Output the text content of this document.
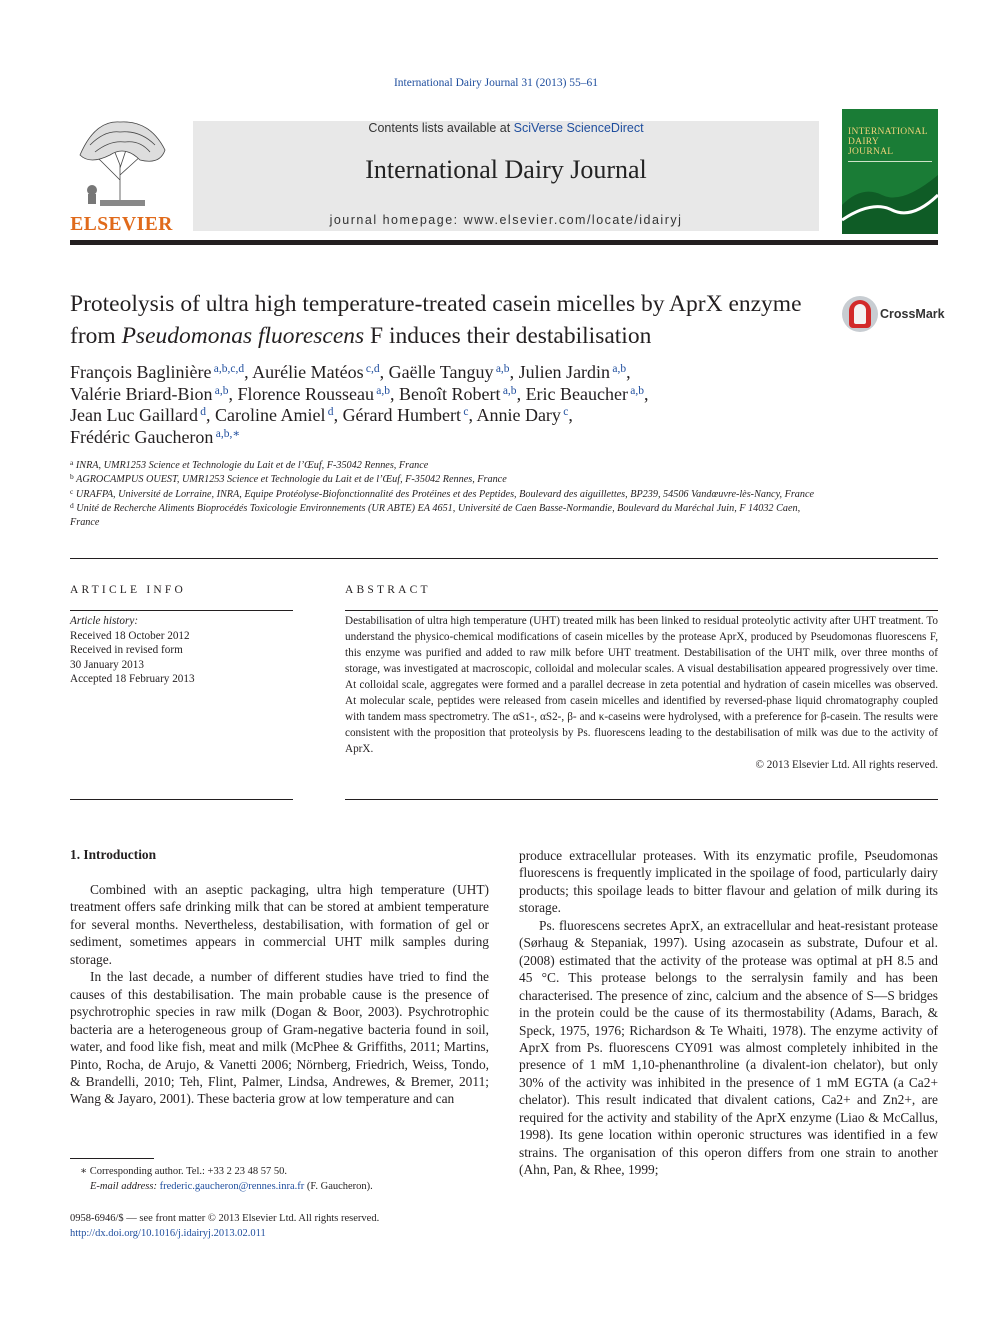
International Dairy Journal 31 (2013) 55–61
ELSEVIER
Contents lists available at SciVerse ScienceDirect
International Dairy Journal
journal homepage: www.elsevier.com/locate/idairyj
INTERNATIONAL
DAIRY
JOURNAL
Proteolysis of ultra high temperature-treated casein micelles by AprX enzyme from Pseudomonas fluorescens F induces their destabilisation
CrossMark
François Baglinière $^{a,b,c,d}$, Aurélie Matéos $^{c,d}$, Gaëlle Tanguy $^{a,b}$, Julien Jardin $^{a,b}$,
Valérie Briard-Bion $^{a,b}$, Florence Rousseau $^{a,b}$, Benoît Robert $^{a,b}$, Eric Beaucher $^{a,b}$,
Jean Luc Gaillard $^d$, Caroline Amiel $^d$, Gérard Humbert $^c$, Annie Dary $^c$,
Frédéric Gaucheron $^{a,b,∗}$
$^a$ INRA, UMR1253 Science et Technologie du Lait et de l’Œuf, F-35042 Rennes, France
$^b$ AGROCAMPUS OUEST, UMR1253 Science et Technologie du Lait et de l’Œuf, F-35042 Rennes, France
$^c$ URAFPA, Université de Lorraine, INRA, Equipe Protéolyse-Biofonctionnalité des Protéines et des Peptides, Boulevard des aiguillettes, BP239, 54506 Vandœuvre-lès-Nancy, France
$^d$ Unité de Recherche Aliments Bioprocédés Toxicologie Environnements (UR ABTE) EA 4651, Université de Caen Basse-Normandie, Boulevard du Maréchal Juin, F 14032 Caen, France
ARTICLE INFO
Article history:
Received 18 October 2012
Received in revised form
30 January 2013
Accepted 18 February 2013
ABSTRACT
Destabilisation of ultra high temperature (UHT) treated milk has been linked to residual proteolytic activity after UHT treatment. To understand the physico-chemical modifications of casein micelles by the protease AprX, produced by Pseudomonas fluorescens F, this enzyme was purified and added to raw milk before UHT treatment. Destabilisation of the UHT milk, over three months of storage, was investigated at macroscopic, colloidal and molecular scales. A visual destabilisation appeared progressively over time. At colloidal scale, aggregates were formed and a parallel decrease in zeta potential and hydration of casein micelles was observed. At molecular scale, peptides were released from casein micelles and identified by reversed-phase liquid chromatography coupled with tandem mass spectrometry. The αS1-, αS2-, β- and κ-caseins were hydrolysed, with a preference for β-casein. The results were consistent with the proposition that proteolysis by Ps. fluorescens leading to the destabilisation of milk was due to the activity of AprX.
© 2013 Elsevier Ltd. All rights reserved.
1. Introduction

Combined with an aseptic packaging, ultra high temperature (UHT) treatment offers safe drinking milk that can be stored at ambient temperature for several months. Nevertheless, destabilisation, with formation of gel or sediment, sometimes appears in commercial UHT milk samples during storage.

In the last decade, a number of different studies have tried to find the causes of this destabilisation. The main probable cause is the presence of psychrotrophic species in raw milk (Dogan & Boor, 2003). Psychrotrophic bacteria are a heterogeneous group of Gram-negative bacteria found in soil, water, and food like fish, meat and milk (McPhee & Griffiths, 2011; Martins, Pinto, Rocha, de Arujo, & Vanetti 2006; Nörnberg, Friedrich, Weiss, Tondo, & Brandelli, 2010; Teh, Flint, Palmer, Lindsa, Andrewes, & Bremer, 2011; Wang & Jayaro, 2001). These bacteria grow at low temperature and can

produce extracellular proteases. With its enzymatic profile, Pseudomonas fluorescens is frequently implicated in the spoilage of food, particularly dairy products; this spoilage leads to bitter flavour and gelation of milk during its storage.

Ps. fluorescens secretes AprX, an extracellular and heat-resistant protease (Sørhaug & Stepaniak, 1997). Using azocasein as substrate, Dufour et al. (2008) estimated that the activity of the protease was optimal at pH 8.5 and 45 °C. This protease belongs to the serralysin family and has been characterised. The presence of zinc, calcium and the absence of S—S bridges in the protein could be the cause of its thermostability (Adams, Barach, & Speck, 1975, 1976; Richardson & Te Whaiti, 1978). The enzyme activity of AprX from Ps. fluorescens CY091 was almost completely inhibited in the presence of 1 mM 1,10-phenanthroline (a divalent-ion chelator), but only 30% of the activity was inhibited in the presence of 1 mM EGTA (a Ca2+ chelator). This result indicated that divalent cations, Ca2+ and Zn2+, are required for the activity and stability of the AprX enzyme (Liao & McCallus, 1998). Its gene location within operonic structures was identified in a few strains. The organisation of this operon differs from one strain to another (Ahn, Pan, & Rhee, 1999;

∗ Corresponding author. Tel.: +33 2 23 48 57 50.
E-mail address: frederic.gaucheron@rennes.inra.fr (F. Gaucheron).
0958-6946/$ — see front matter © 2013 Elsevier Ltd. All rights reserved.
http://dx.doi.org/10.1016/j.idairyj.2013.02.011
